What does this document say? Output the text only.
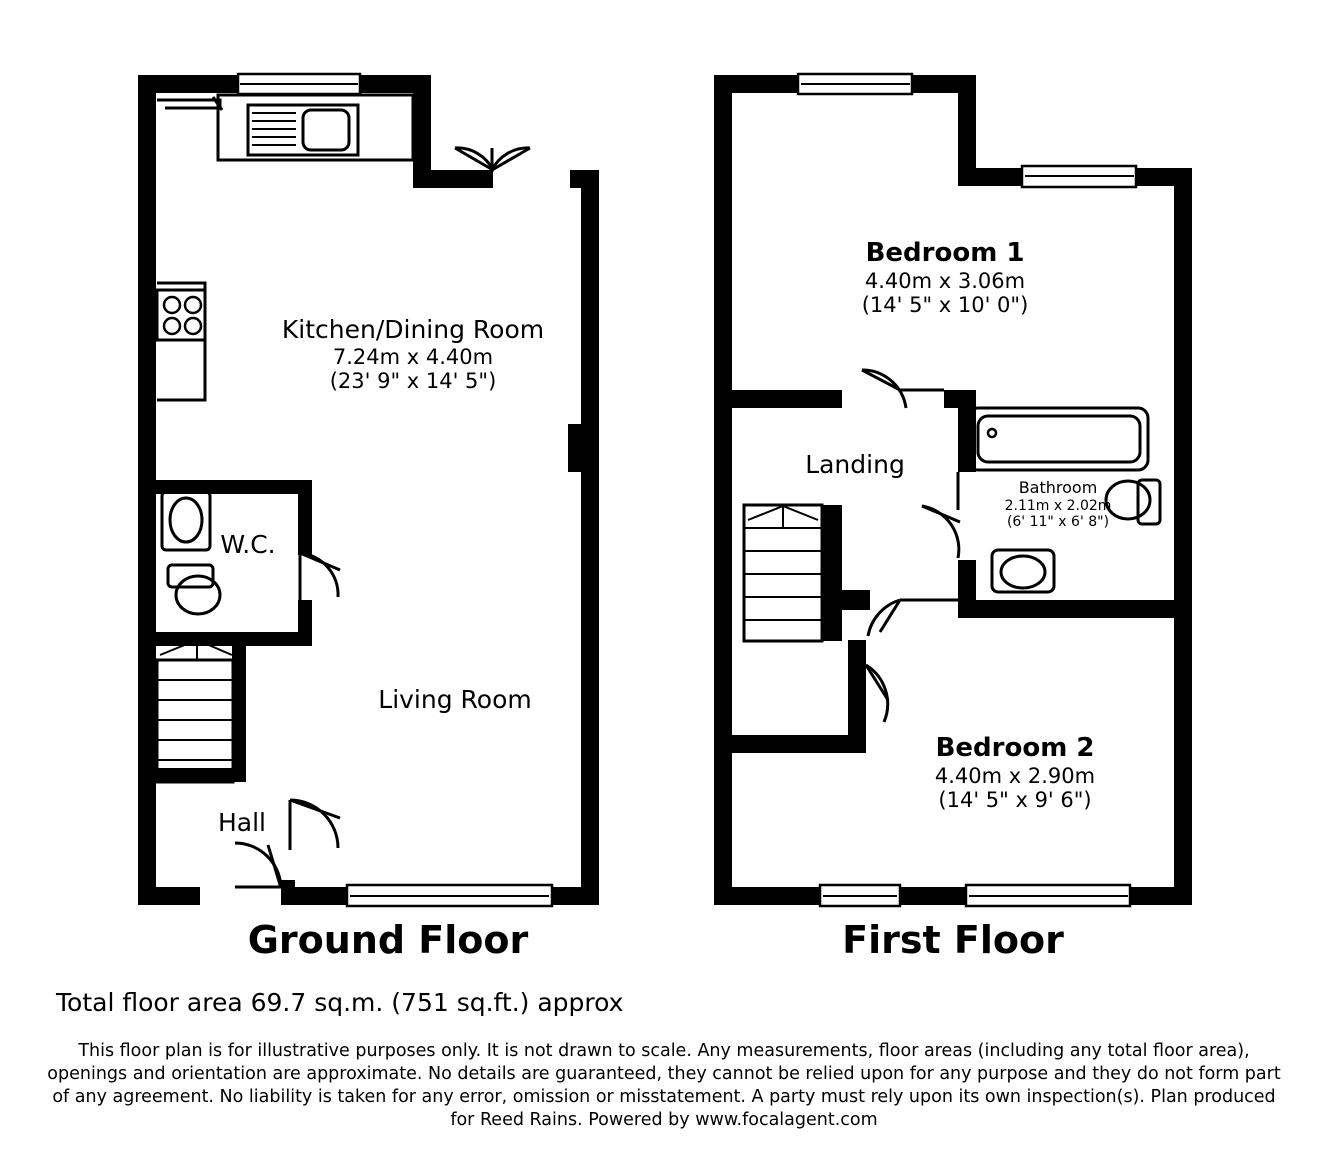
Kitchen/Dining Room
7.24m x 4.40m
(23' 9" x 14' 5")
W.C.
Living Room
Hall
Bedroom 1
4.40m x 3.06m
(14' 5" x 10' 0")
Landing
Bathroom
2.11m x 2.02m
(6' 11" x 6' 8")
Bedroom 2
4.40m x 2.90m
(14' 5" x 9' 6")
Ground Floor	First Floor
Total floor area 69.7 sq.m. (751 sq.ft.) approx
This floor plan is for illustrative purposes only. It is not drawn to scale. Any measurements, floor areas (including any total floor area), openings and orientation are approximate. No details are guaranteed, they cannot be relied upon for any purpose and they do not form part of any agreement. No liability is taken for any error, omission or misstatement. A party must rely upon its own inspection(s). Plan produced for Reed Rains. Powered by www.focalagent.com
